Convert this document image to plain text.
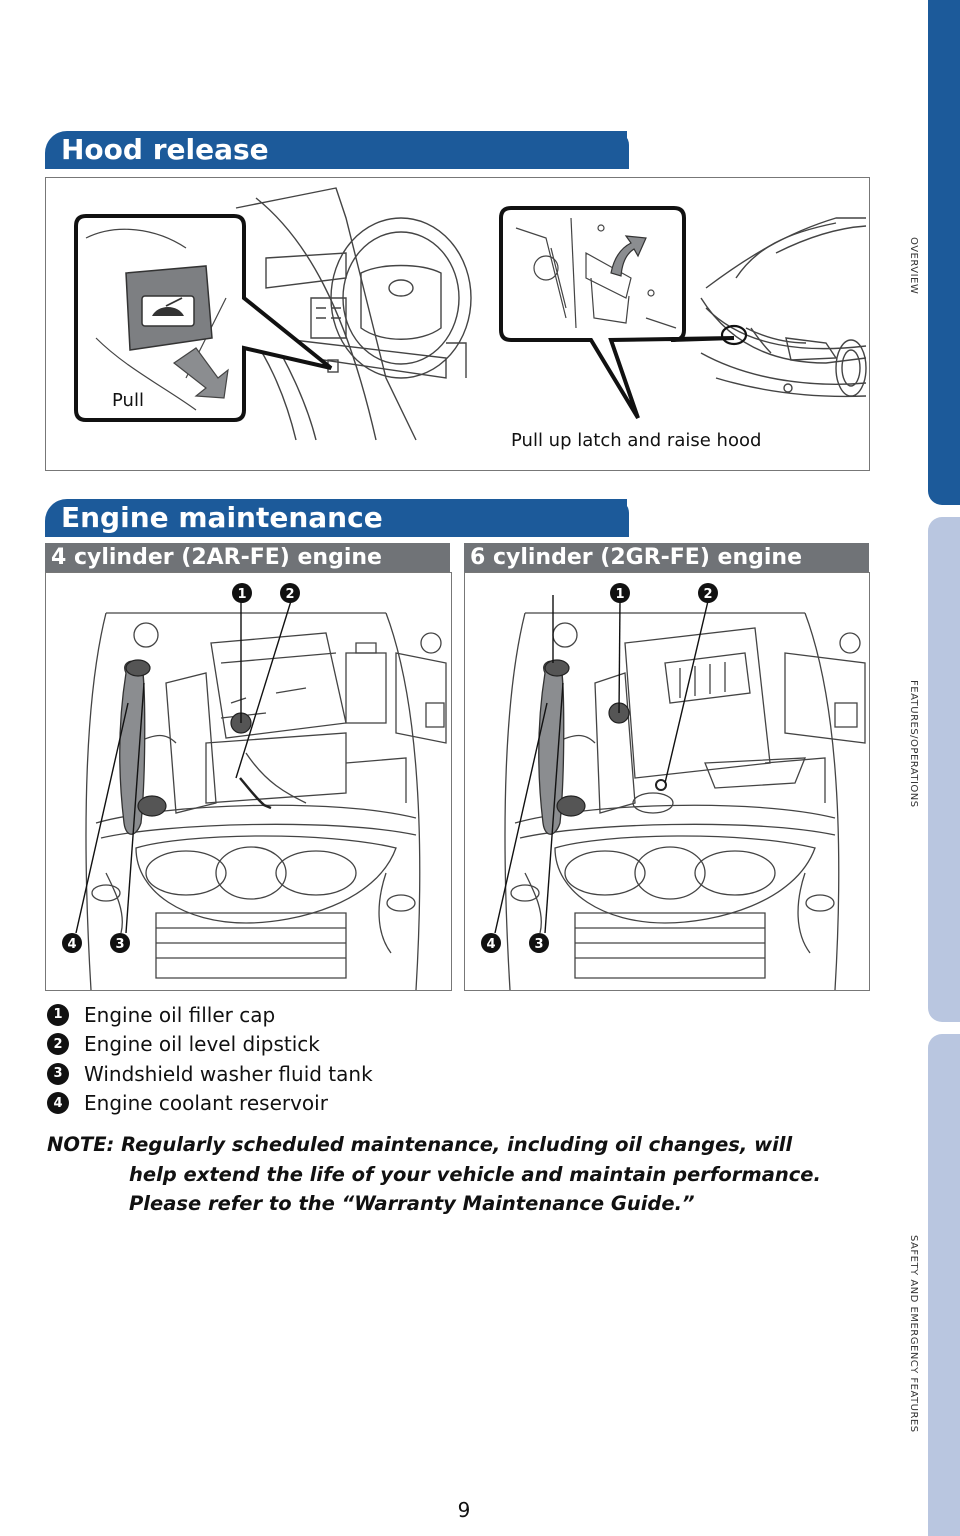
OVERVIEW
FEATURES/OPERATIONS
SAFETY AND EMERGENCY FEATURES
Hood release
Pull
Pull up latch and raise hood
Engine maintenance
4 cylinder (2AR-FE) engine	6 cylinder (2GR-FE) engine
1	2
3
4
1	2
3
4
1	Engine oil filler cap
2	Engine oil level dipstick
3	Windshield washer fluid tank
4	Engine coolant reservoir
NOTE: Regularly scheduled maintenance, including oil changes, will
help extend the life of your vehicle and maintain performance.
Please refer to the “Warranty Maintenance Guide.”
9
